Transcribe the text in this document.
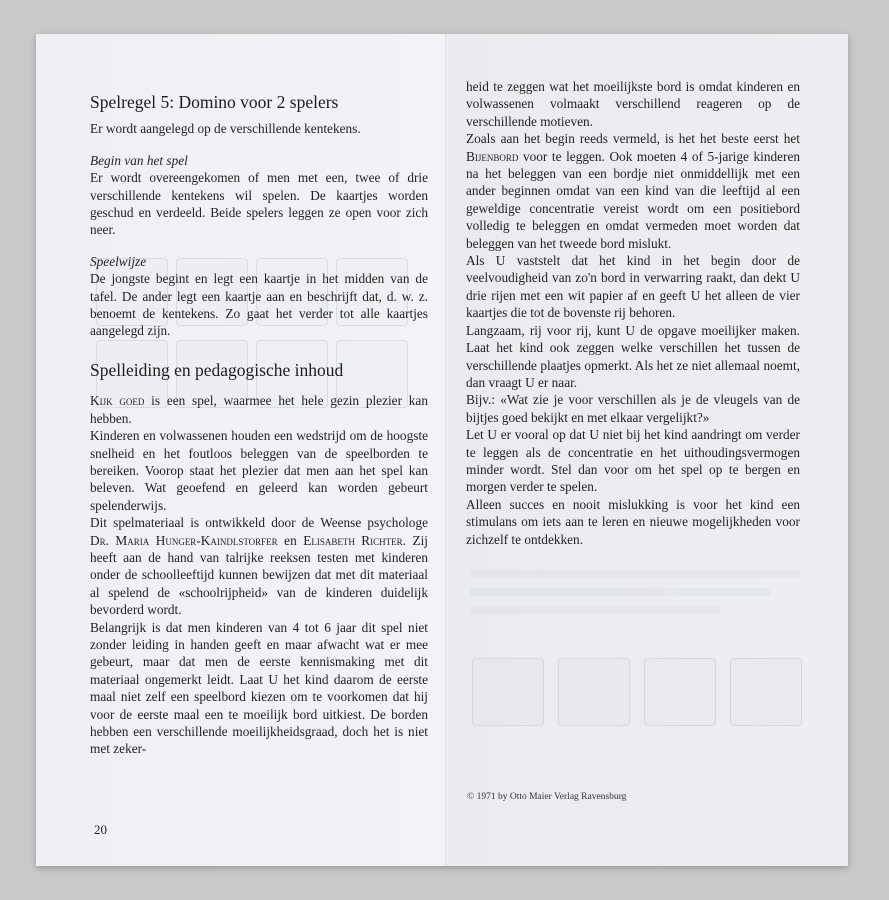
Spelregel 5: Domino voor 2 spelers

Er wordt aangelegd op de verschillende kentekens.

Begin van het spel

Er wordt overeengekomen of men met een, twee of drie verschillende kentekens wil spelen. De kaartjes worden geschud en verdeeld. Beide spelers leggen ze open voor zich neer.

Speelwijze

De jongste begint en legt een kaartje in het midden van de tafel. De ander legt een kaartje aan en beschrijft dat, d. w. z. benoemt de kentekens. Zo gaat het verder tot alle kaartjes aangelegd zijn.

Spelleiding en pedagogische inhoud

Kijk goed is een spel, waarmee het hele gezin plezier kan hebben.

Kinderen en volwassenen houden een wedstrijd om de hoogste snelheid en het foutloos beleggen van de speelborden te bereiken. Voorop staat het plezier dat men aan het spel kan beleven. Wat geoefend en geleerd kan worden gebeurt spelenderwijs.

Dit spelmateriaal is ontwikkeld door de Weense psychologe Dr. Maria Hunger-Kaindlstorfer en Elisabeth Richter. Zij heeft aan de hand van talrijke reeksen testen met kinderen onder de schoolleeftijd kunnen bewijzen dat met dit materiaal al spelend de «schoolrijpheid» van de kinderen duidelijk bevorderd wordt.

Belangrijk is dat men kinderen van 4 tot 6 jaar dit spel niet zonder leiding in handen geeft en maar afwacht wat er mee gebeurt, maar dat men de eerste kennismaking met dit materiaal ongemerkt leidt. Laat U het kind daarom de eerste maal niet zelf een speelbord kiezen om te voorkomen dat hij voor de eerste maal een te moeilijk bord uitkiest. De borden hebben een verschillende moeilijkheidsgraad, doch het is niet met zeker-

heid te zeggen wat het moeilijkste bord is omdat kinderen en volwassenen volmaakt verschillend reageren op de verschillende motieven.

Zoals aan het begin reeds vermeld, is het het beste eerst het Bijenbord voor te leggen. Ook moeten 4 of 5-jarige kinderen na het beleggen van een bordje niet onmiddellijk met een ander beginnen omdat van een kind van die leeftijd al een geweldige concentratie vereist wordt om een positiebord volledig te beleggen en omdat vermeden moet worden dat beleggen van het tweede bord mislukt.

Als U vaststelt dat het kind in het begin door de veelvoudigheid van zo'n bord in verwarring raakt, dan dekt U drie rijen met een wit papier af en geeft U het alleen de vier kaartjes die tot de bovenste rij behoren.

Langzaam, rij voor rij, kunt U de opgave moeilijker maken. Laat het kind ook zeggen welke verschillen het tussen de verschillende plaatjes opmerkt. Als het ze niet allemaal noemt, dan vraagt U er naar.

Bijv.: «Wat zie je voor verschillen als je de vleugels van de bijtjes goed bekijkt en met elkaar vergelijkt?»

Let U er vooral op dat U niet bij het kind aandringt om verder te leggen als de concentratie en het uithoudingsvermogen minder wordt. Stel dan voor om het spel op te bergen en morgen verder te spelen.

Alleen succes en nooit mislukking is voor het kind een stimulans om iets aan te leren en nieuwe mogelijkheden voor zichzelf te ontdekken.

20
© 1971 by Otto Maier Verlag Ravensburg
